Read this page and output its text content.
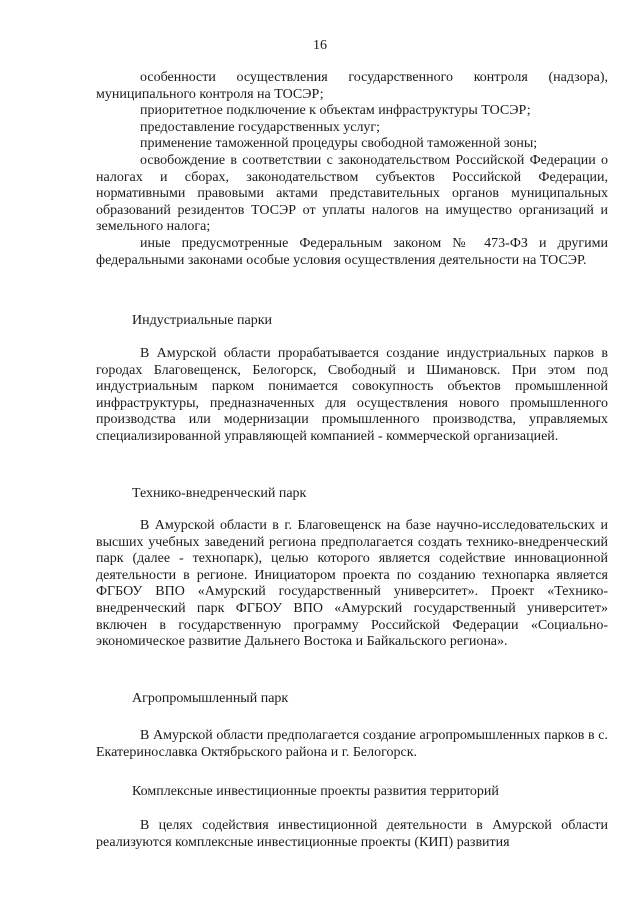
16

особенности осуществления государственного контроля (надзора), муниципального контроля на ТОСЭР;

приоритетное подключение к объектам инфраструктуры ТОСЭР;

предоставление государственных услуг;

применение таможенной процедуры свободной таможенной зоны;

освобождение в соответствии с законодательством Российской Федерации о налогах и сборах, законодательством субъектов Российской Федерации, нормативными правовыми актами представительных органов муниципальных образований резидентов ТОСЭР от уплаты налогов на имущество организаций и земельного налога;

иные предусмотренные Федеральным законом № 473-ФЗ и другими федеральными законами особые условия осуществления деятельности на ТОСЭР.

Индустриальные парки

В Амурской области прорабатывается создание индустриальных парков в городах Благовещенск, Белогорск, Свободный и Шимановск. При этом под индустриальным парком понимается совокупность объектов промышленной инфраструктуры, предназначенных для осуществления нового промышленного производства или модернизации промышленного производства, управляемых специализированной управляющей компанией - коммерческой организацией.

Технико-внедренческий парк

В Амурской области в г. Благовещенск на базе научно-исследовательских и высших учебных заведений региона предполагается создать технико-внедренческий парк (далее - технопарк), целью которого является содействие инновационной деятельности в регионе. Инициатором проекта по созданию технопарка является ФГБОУ ВПО «Амурский государственный университет». Проект «Технико-внедренческий парк ФГБОУ ВПО «Амурский государственный университет» включен в государственную программу Российской Федерации «Социально-экономическое развитие Дальнего Востока и Байкальского региона».

Агропромышленный парк

В Амурской области предполагается создание агропромышленных парков в с. Екатеринославка Октябрьского района и г. Белогорск.

Комплексные инвестиционные проекты развития территорий

В целях содействия инвестиционной деятельности в Амурской области реализуются комплексные инвестиционные проекты (КИП) развития
